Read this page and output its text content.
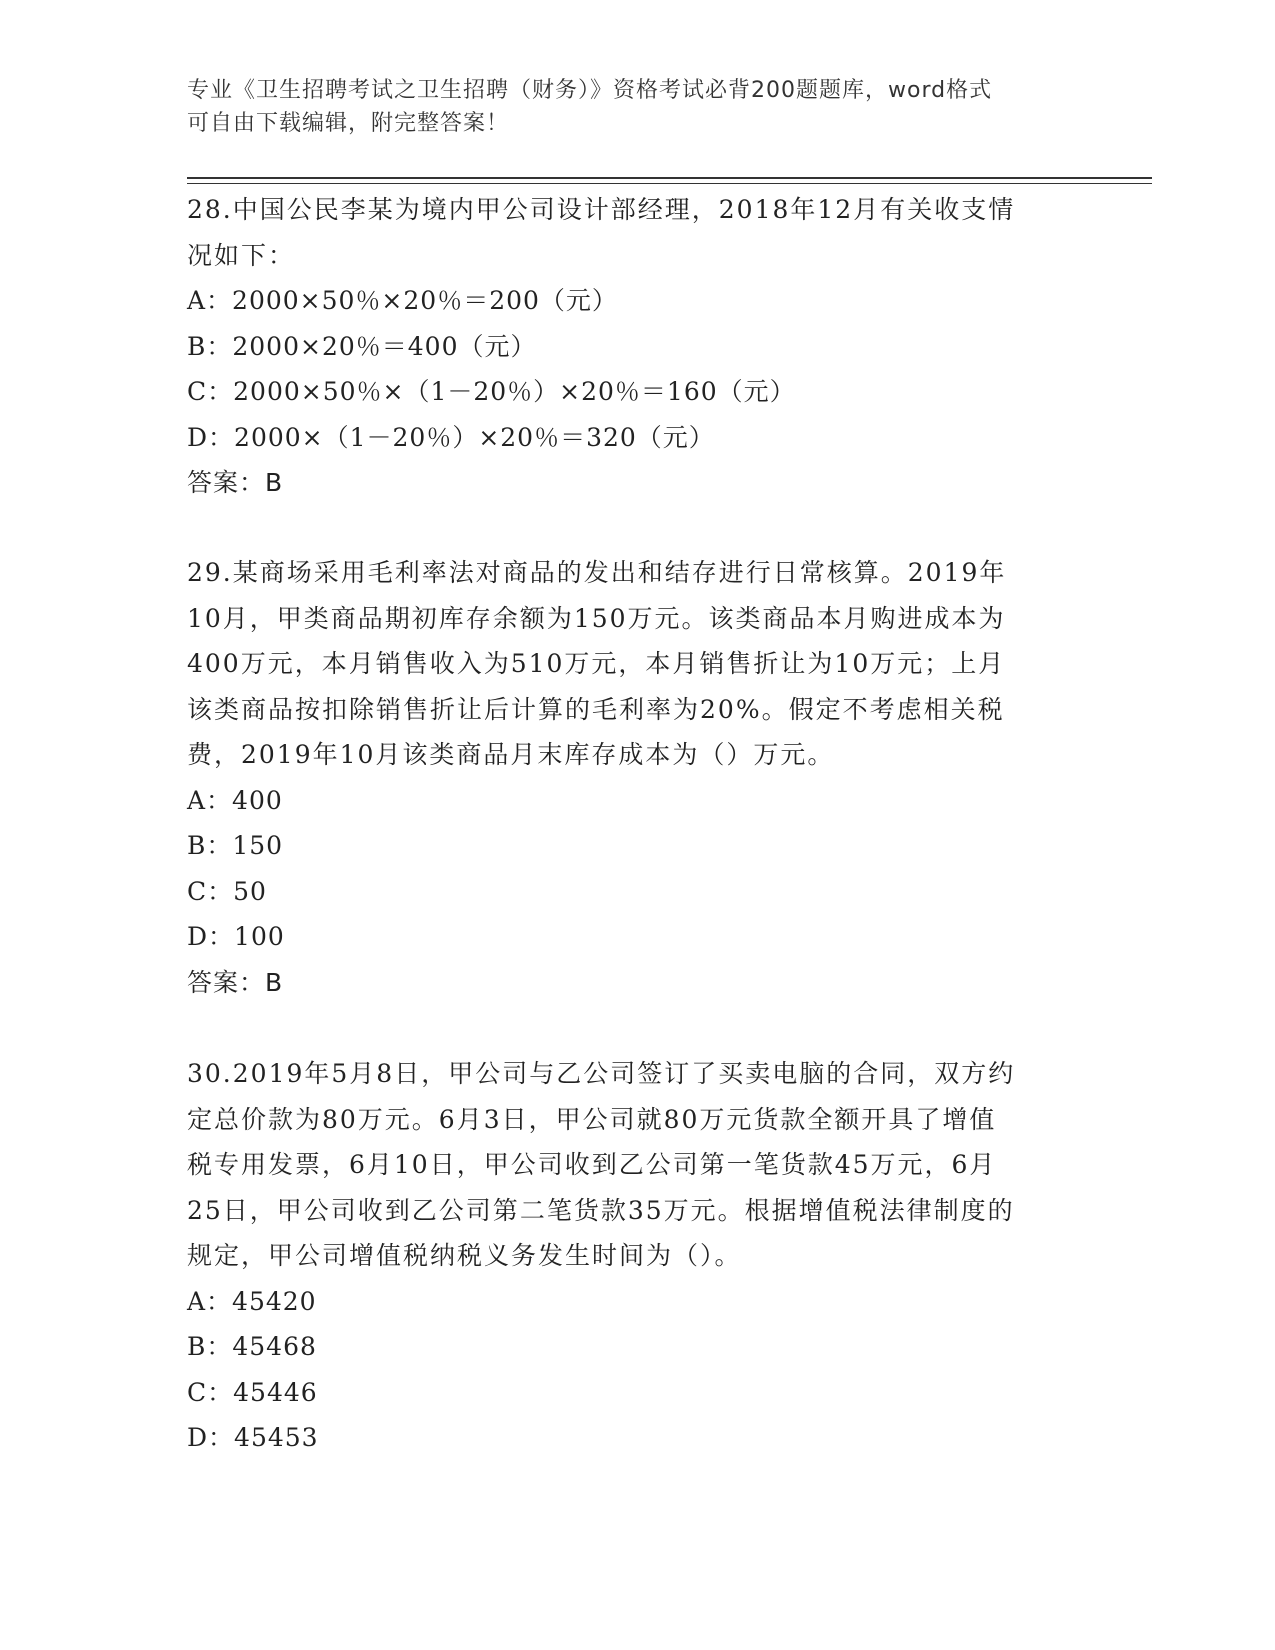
专业《卫生招聘考试之卫生招聘（财务）》资格考试必背200题题库，word格式
可自由下载编辑，附完整答案！

28.中国公民李某为境内甲公司设计部经理，2018年12月有关收支情

况如下：

A：2000×50％×20％＝200（元）

B：2000×20％＝400（元）

C：2000×50％×（1－20％）×20％＝160（元）

D：2000×（1－20％）×20％＝320（元）

答案：B

29.某商场采用毛利率法对商品的发出和结存进行日常核算。2019年

10月，甲类商品期初库存余额为150万元。该类商品本月购进成本为

400万元，本月销售收入为510万元，本月销售折让为10万元；上月

该类商品按扣除销售折让后计算的毛利率为20%。假定不考虑相关税

费，2019年10月该类商品月末库存成本为（）万元。

A：400

B：150

C：50

D：100

答案：B

30.2019年5月8日，甲公司与乙公司签订了买卖电脑的合同，双方约

定总价款为80万元。6月3日，甲公司就80万元货款全额开具了增值

税专用发票，6月10日，甲公司收到乙公司第一笔货款45万元，6月

25日，甲公司收到乙公司第二笔货款35万元。根据增值税法律制度的

规定，甲公司增值税纳税义务发生时间为（）。

A：45420

B：45468

C：45446

D：45453
